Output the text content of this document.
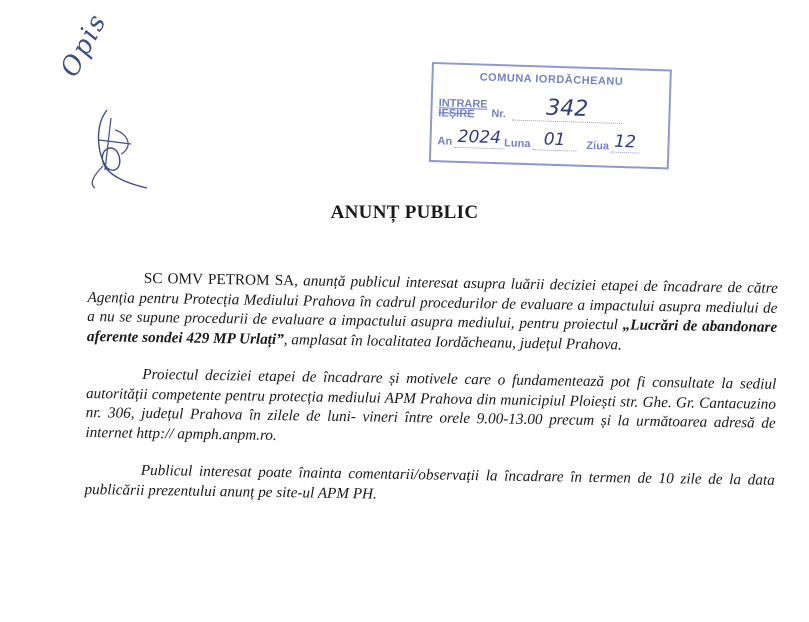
Opis	COMUNA IORDĂCHEANU
INTRARE
IEȘIRE	Nr.	342
An 2024 Luna 01	Ziua 12
ANUNȚ PUBLIC

SC OMV PETROM SA, anunță publicul interesat asupra luării deciziei etapei de încadrare de către Agenția pentru Protecția Mediului Prahova în cadrul procedurilor de evaluare a impactului asupra mediului de a nu se supune procedurii de evaluare a impactului asupra mediului, pentru proiectul „Lucrări de abandonare aferente sondei 429 MP Urlați”, amplasat în localitatea Iordăcheanu, județul Prahova.

Proiectul deciziei etapei de încadrare și motivele care o fundamentează pot fi consultate la sediul autorității competente pentru protecția mediului APM Prahova din municipiul Ploiești str. Ghe. Gr. Cantacuzino nr. 306, județul Prahova în zilele de luni- vineri între orele 9.00-13.00 precum și la următoarea adresă de internet http:// apmph.anpm.ro.

Publicul interesat poate înainta comentarii/observații la încadrare în termen de 10 zile de la data publicării prezentului anunț pe site-ul APM PH.
